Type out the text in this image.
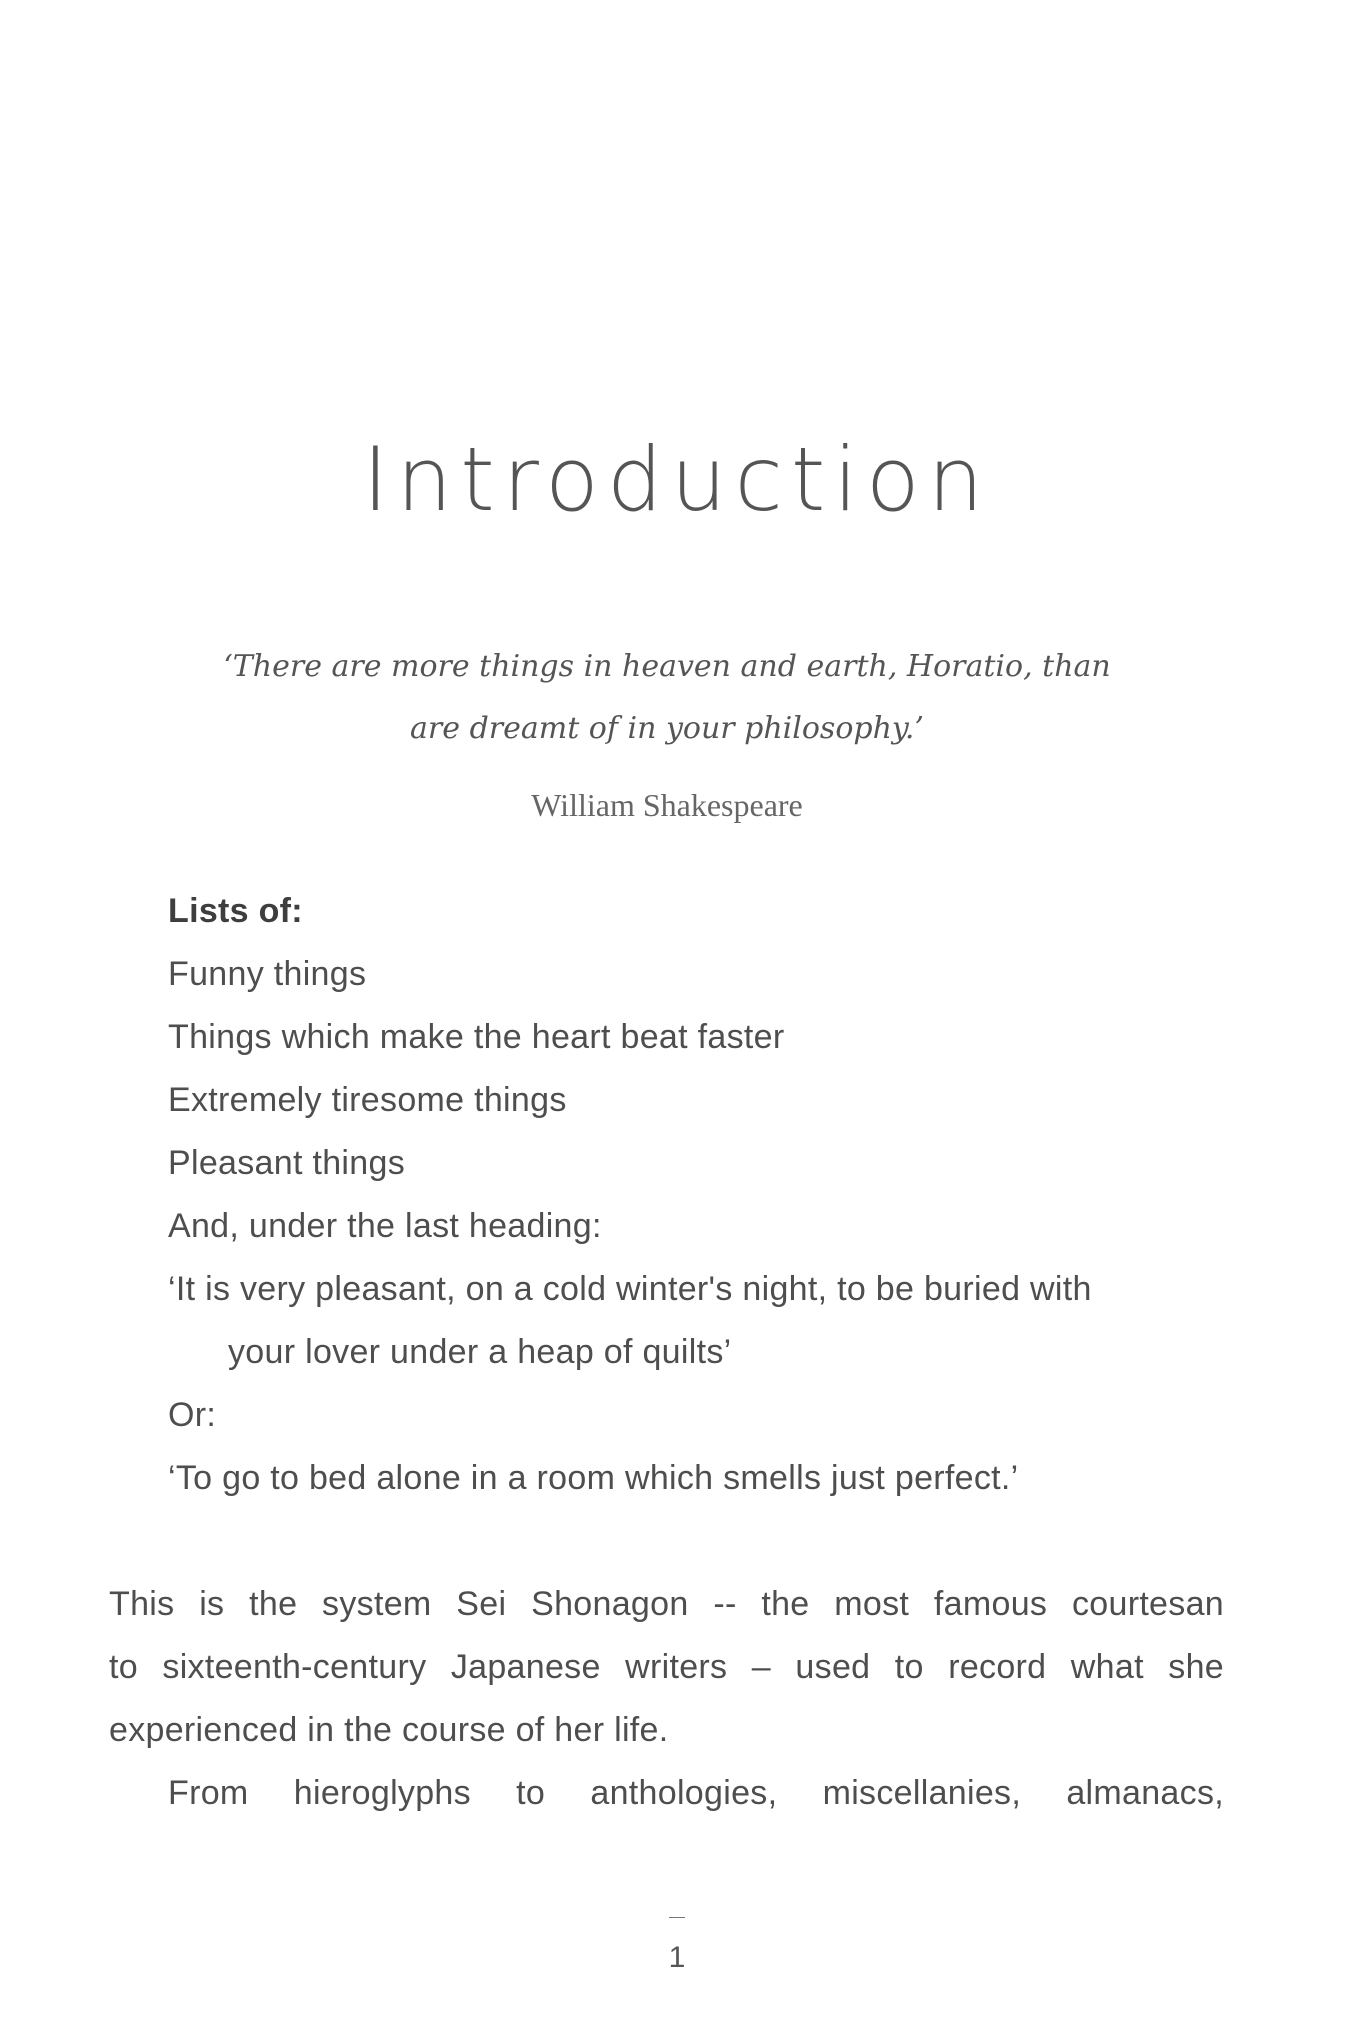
Introduction
‘There are more things in heaven and earth, Horatio, than
are dreamt of in your philosophy.’
William Shakespeare
Lists of:
Funny things
Things which make the heart beat faster
Extremely tiresome things
Pleasant things
And, under the last heading:
‘It is very pleasant, on a cold winter's night, to be buried with
your lover under a heap of quilts’
Or:
‘To go to bed alone in a room which smells just perfect.’
This is the system Sei Shonagon -- the most famous courtesan
to sixteenth-century Japanese writers – used to record what she
experienced in the course of her life.
From hieroglyphs to anthologies, miscellanies, almanacs,
1
